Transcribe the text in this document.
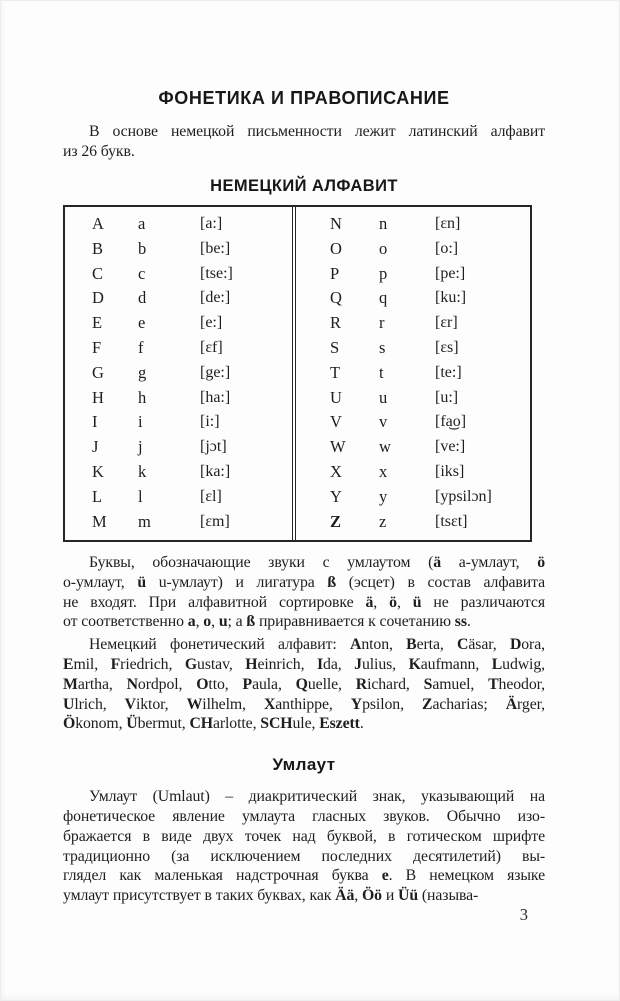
ФОНЕТИКА И ПРАВОПИСАНИЕ
В основе немецкой письменности лежит латинский алфавит
из 26 букв.
НЕМЕЦКИЙ АЛФАВИТ
A	a	[a:]
B	b	[be:]
C	c	[tse:]
D	d	[de:]
E	e	[e:]
F	f	[ɛf]
G	g	[ge:]
H	h	[ha:]
I	i	[i:]
J	j	[jɔt]
K	k	[ka:]
L	l	[ɛl]
M	m	[ɛm]
N	n	[ɛn]
O	o	[o:]
P	p	[pe:]
Q	q	[ku:]
R	r	[ɛr]
S	s	[ɛs]
T	t	[te:]
U	u	[u:]
V	v	[fa͜o]
W	w	[ve:]
X	x	[iks]
Y	y	[ypsilɔn]
Z	z	[tsɛt]
Буквы, обозначающие звуки с умлаутом (ä а-умлаут, ö
о-умлаут, ü u-умлаут) и лигатура ß (эсцет) в состав алфавита
не входят. При алфавитной сортировке ä, ö, ü не различаются
от соответственно a, o, u; а ß приравнивается к сочетанию ss.
Немецкий фонетический алфавит: Anton, Berta, Cäsar, Dora,
Emil, Friedrich, Gustav, Heinrich, Ida, Julius, Kaufmann, Ludwig,
Martha, Nordpol, Otto, Paula, Quelle, Richard, Samuel, Theodor,
Ulrich, Viktor, Wilhelm, Xanthippe, Ypsilon, Zacharias; Ärger,
Ökonom, Übermut, CHarlotte, SCHule, Eszett.
Умлаут
Умлаут (Umlaut) – диакритический знак, указывающий на
фонетическое явление умлаута гласных звуков. Обычно изо-
бражается в виде двух точек над буквой, в готическом шрифте
традиционно (за исключением последних десятилетий) вы-
глядел как маленькая надстрочная буква e. В немецком языке
умлаут присутствует в таких буквах, как Ää, Öö и Üü (называ-
3
